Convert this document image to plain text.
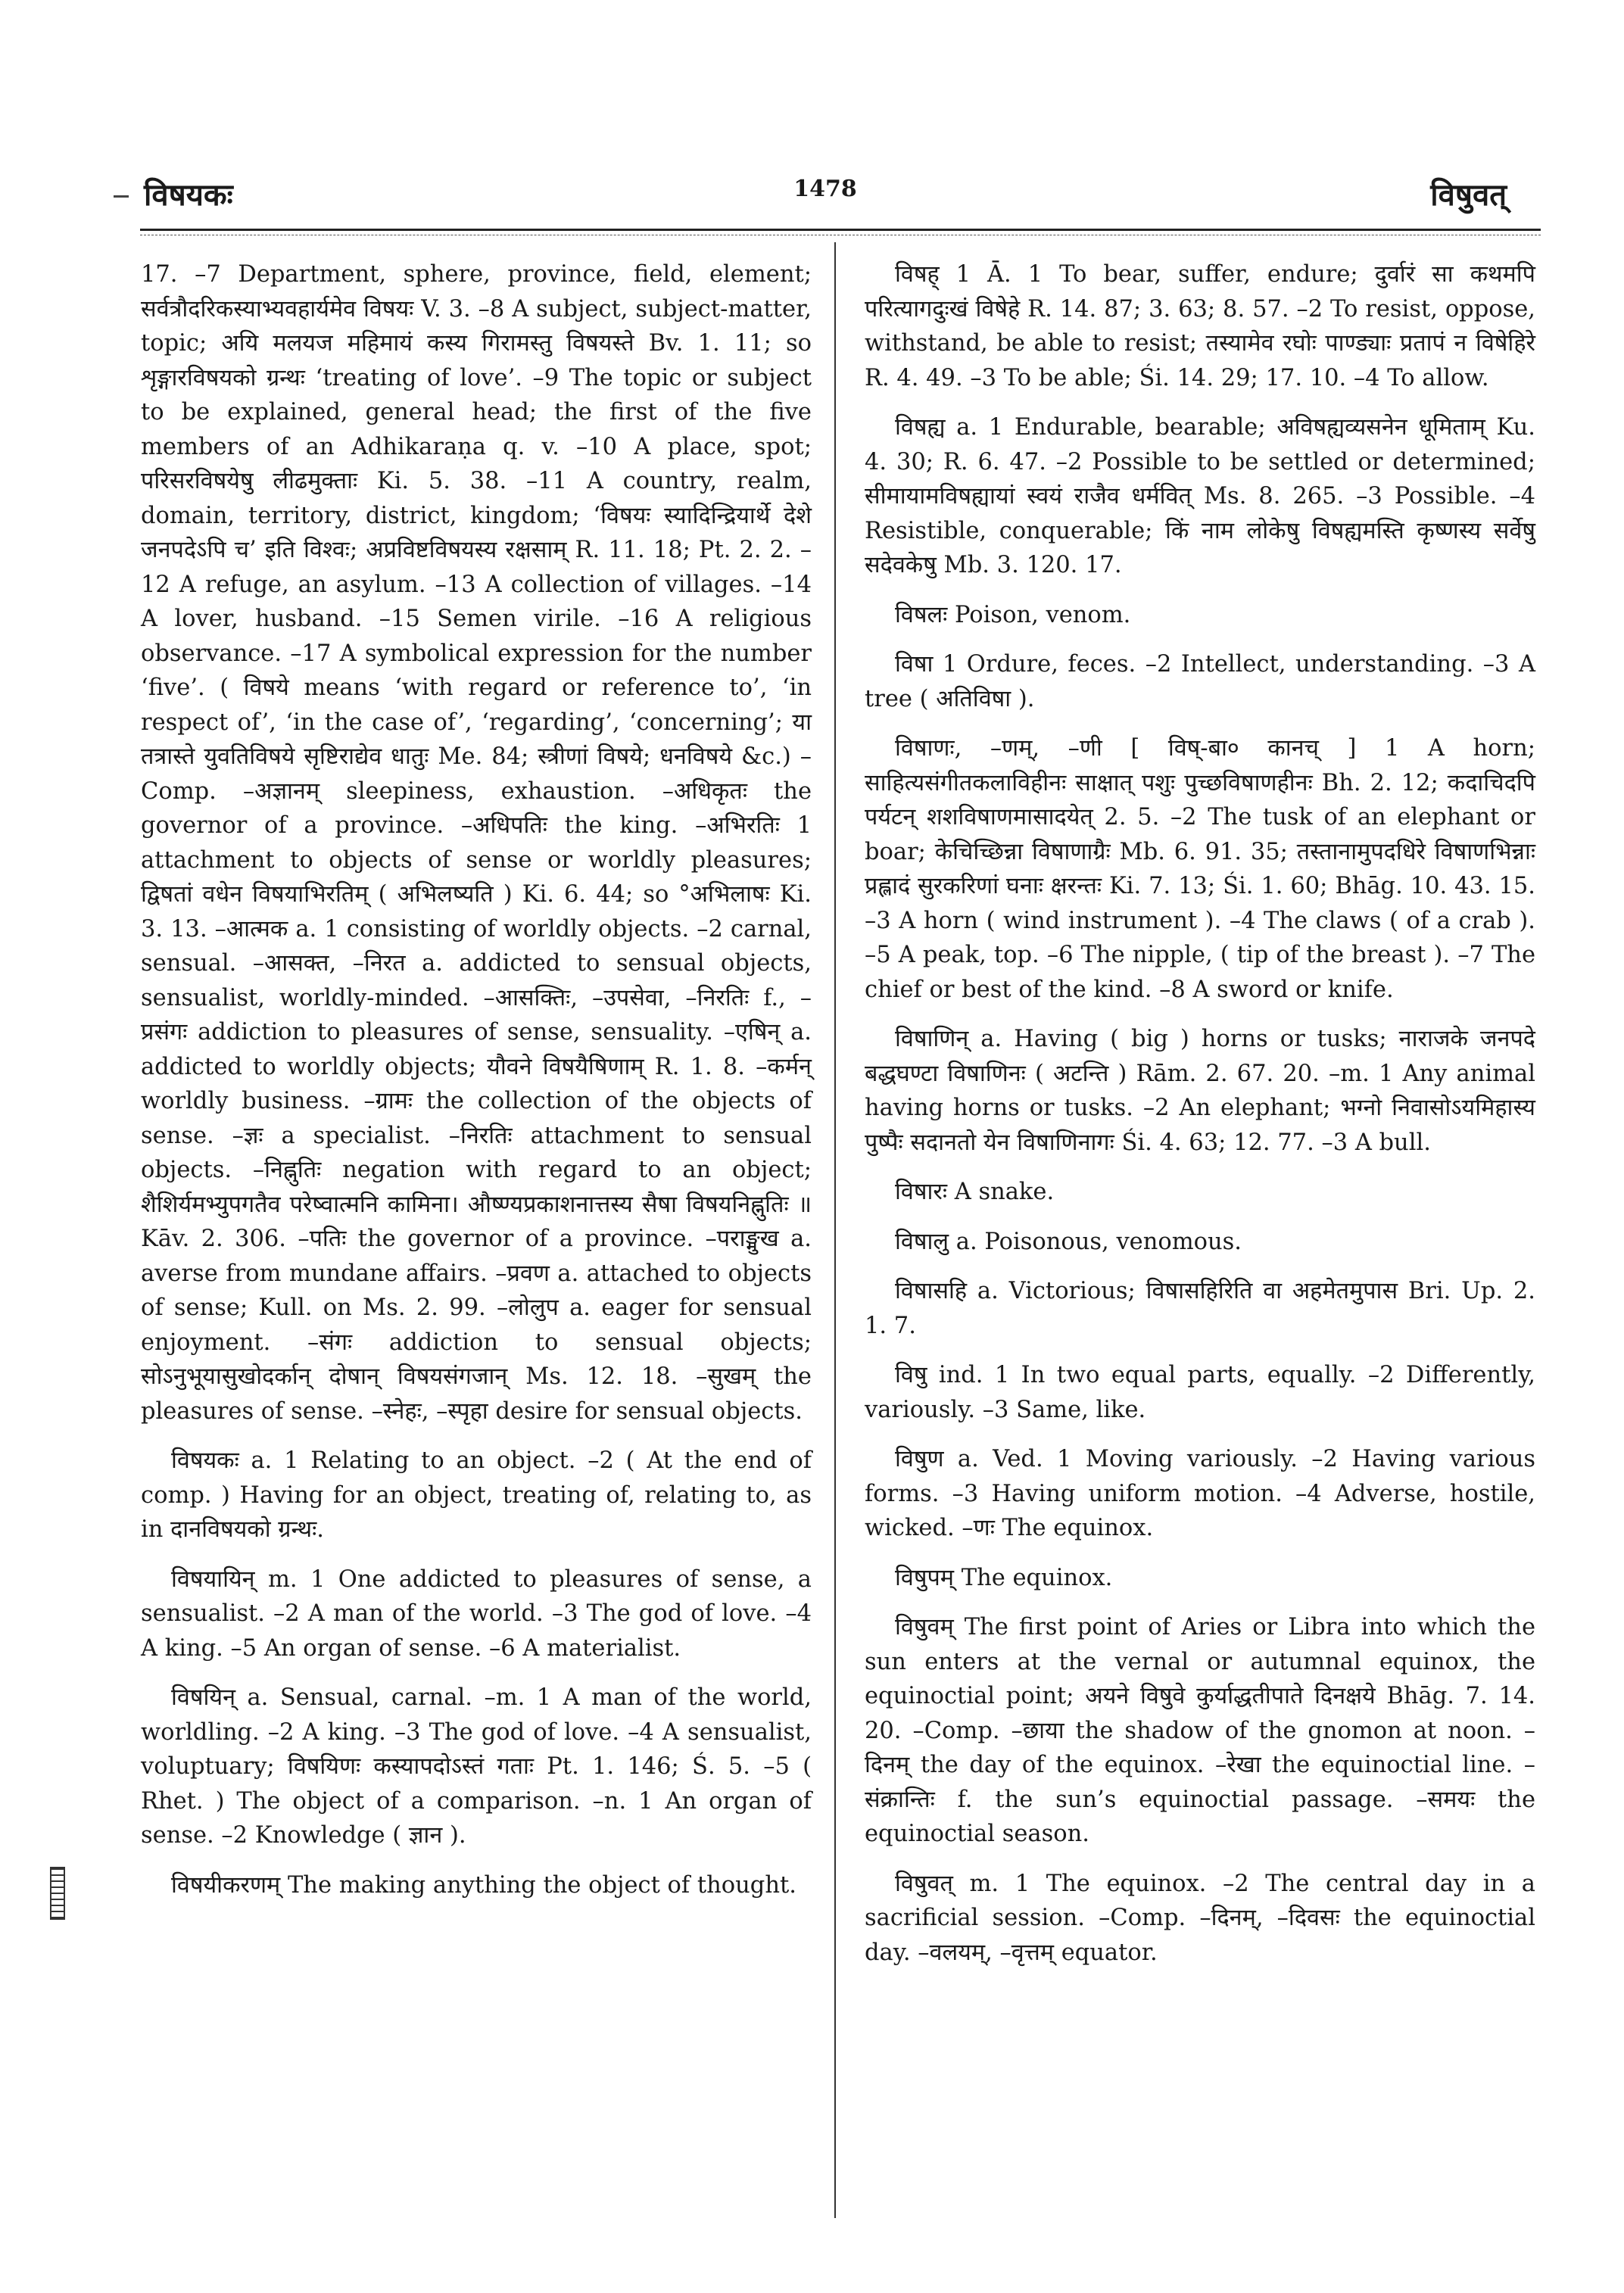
विषयकः	1478	विषुवत्

17. –7 Department, sphere, province, field, element; सर्वत्रौदरिकस्याभ्यवहार्यमेव विषयः V. 3. –8 A subject, subject-matter, topic; अयि मलयज महिमायं कस्य गिरामस्तु विषयस्ते Bv. 1. 11; so शृङ्गारविषयको ग्रन्थः ‘treating of love’. –9 The topic or subject to be explained, general head; the first of the five members of an Adhikaraṇa q. v. –10 A place, spot; परिसरविषयेषु लीढमुक्ताः Ki. 5. 38. –11 A country, realm, domain, territory, district, kingdom; ‘विषयः स्यादिन्द्रियार्थे देशे जनपदेऽपि च’ इति विश्वः; अप्रविष्टविषयस्य रक्षसाम् R. 11. 18; Pt. 2. 2. –12 A refuge, an asylum. –13 A collection of villages. –14 A lover, husband. –15 Semen virile. –16 A religious observance. –17 A symbolical expression for the number ‘five’. ( विषये means ‘with regard or reference to’, ‘in respect of’, ‘in the case of’, ‘regarding’, ‘concerning’; या तत्रास्ते युवतिविषये सृष्टिराद्येव धातुः Me. 84; स्त्रीणां विषये; धनविषये &c.) –Comp. –अज्ञानम् sleepiness, exhaustion. –अधिकृतः the governor of a province. –अधिपतिः the king. –अभिरतिः 1 attachment to objects of sense or worldly pleasures; द्विषतां वधेन विषयाभिरतिम् ( अभिलष्यति ) Ki. 6. 44; so °अभिलाषः Ki. 3. 13. –आत्मक a. 1 consisting of worldly objects. –2 carnal, sensual. –आसक्त, –निरत a. addicted to sensual objects, sensualist, worldly-minded. –आसक्तिः, –उपसेवा, –निरतिः f., –प्रसंगः addiction to pleasures of sense, sensuality. –एषिन् a. addicted to worldly objects; यौवने विषयैषिणाम् R. 1. 8. –कर्मन् worldly business. –ग्रामः the collection of the objects of sense. –ज्ञः a specialist. –निरतिः attachment to sensual objects. –निह्नुतिः negation with regard to an object; शैशिर्यमभ्युपगतैव परेष्वात्मनि कामिना। औष्ण्यप्रकाशनात्तस्य सैषा विषयनिह्नुतिः ॥ Kāv. 2. 306. –पतिः the governor of a province. –पराङ्मुख a. averse from mundane affairs. –प्रवण a. attached to objects of sense; Kull. on Ms. 2. 99. –लोलुप a. eager for sensual enjoyment. –संगः addiction to sensual objects; सोऽनुभूयासुखोदर्कान् दोषान् विषयसंगजान् Ms. 12. 18. –सुखम् the pleasures of sense. –स्नेहः, –स्पृहा desire for sensual objects.

विषयकः a. 1 Relating to an object. –2 ( At the end of comp. ) Having for an object, treating of, relating to, as in दानविषयको ग्रन्थः.

विषयायिन् m. 1 One addicted to pleasures of sense, a sensualist. –2 A man of the world. –3 The god of love. –4 A king. –5 An organ of sense. –6 A materialist.

विषयिन् a. Sensual, carnal. –m. 1 A man of the world, worldling. –2 A king. –3 The god of love. –4 A sensualist, voluptuary; विषयिणः कस्यापदोऽस्तं गताः Pt. 1. 146; Ś. 5. –5 ( Rhet. ) The object of a comparison. –n. 1 An organ of sense. –2 Knowledge ( ज्ञान ).

विषयीकरणम् The making anything the object of thought.

विषह् 1 Ā. 1 To bear, suffer, endure; दुर्वारं सा कथमपि परित्यागदुःखं विषेहे R. 14. 87; 3. 63; 8. 57. –2 To resist, oppose, withstand, be able to resist; तस्यामेव रघोः पाण्ड्याः प्रतापं न विषेहिरे R. 4. 49. –3 To be able; Śi. 14. 29; 17. 10. –4 To allow.

विषह्य a. 1 Endurable, bearable; अविषह्यव्यसनेन धूमिताम् Ku. 4. 30; R. 6. 47. –2 Possible to be settled or determined; सीमायामविषह्यायां स्वयं राजैव धर्मवित् Ms. 8. 265. –3 Possible. –4 Resistible, conquerable; किं नाम लोकेषु विषह्यमस्ति कृष्णस्य सर्वेषु सदेवकेषु Mb. 3. 120. 17.

विषलः Poison, venom.

विषा 1 Ordure, feces. –2 Intellect, understanding. –3 A tree ( अतिविषा ).

विषाणः, –णम्, –णी [ विष्-बा० कानच् ] 1 A horn; साहित्यसंगीतकलाविहीनः साक्षात् पशुः पुच्छविषाणहीनः Bh. 2. 12; कदाचिदपि पर्यटन् शशविषाणमासादयेत् 2. 5. –2 The tusk of an elephant or boar; केचिच्छिन्ना विषाणाग्रैः Mb. 6. 91. 35; तस्तानामुपदधिरे विषाणभिन्नाः प्रह्लादं सुरकरिणां घनाः क्षरन्तः Ki. 7. 13; Śi. 1. 60; Bhāg. 10. 43. 15. –3 A horn ( wind instrument ). –4 The claws ( of a crab ). –5 A peak, top. –6 The nipple, ( tip of the breast ). –7 The chief or best of the kind. –8 A sword or knife.

विषाणिन् a. Having ( big ) horns or tusks; नाराजके जनपदे बद्धघण्टा विषाणिनः ( अटन्ति ) Rām. 2. 67. 20. –m. 1 Any animal having horns or tusks. –2 An elephant; भग्नो निवासोऽयमिहास्य पुष्पैः सदानतो येन विषाणिनागः Śi. 4. 63; 12. 77. –3 A bull.

विषारः A snake.

विषालु a. Poisonous, venomous.

विषासहि a. Victorious; विषासहिरिति वा अहमेतमुपास Bri. Up. 2. 1. 7.

विषु ind. 1 In two equal parts, equally. –2 Differently, variously. –3 Same, like.

विषुण a. Ved. 1 Moving variously. –2 Having various forms. –3 Having uniform motion. –4 Adverse, hostile, wicked. –णः The equinox.

विषुपम् The equinox.

विषुवम् The first point of Aries or Libra into which the sun enters at the vernal or autumnal equinox, the equinoctial point; अयने विषुवे कुर्याद्धतीपाते दिनक्षये Bhāg. 7. 14. 20. –Comp. –छाया the shadow of the gnomon at noon. –दिनम् the day of the equinox. –रेखा the equinoctial line. –संक्रान्तिः f. the sun’s equinoctial passage. –समयः the equinoctial season.

विषुवत् m. 1 The equinox. –2 The central day in a sacrificial session. –Comp. –दिनम्, –दिवसः the equinoctial day. –वलयम्, –वृत्तम् equator.
